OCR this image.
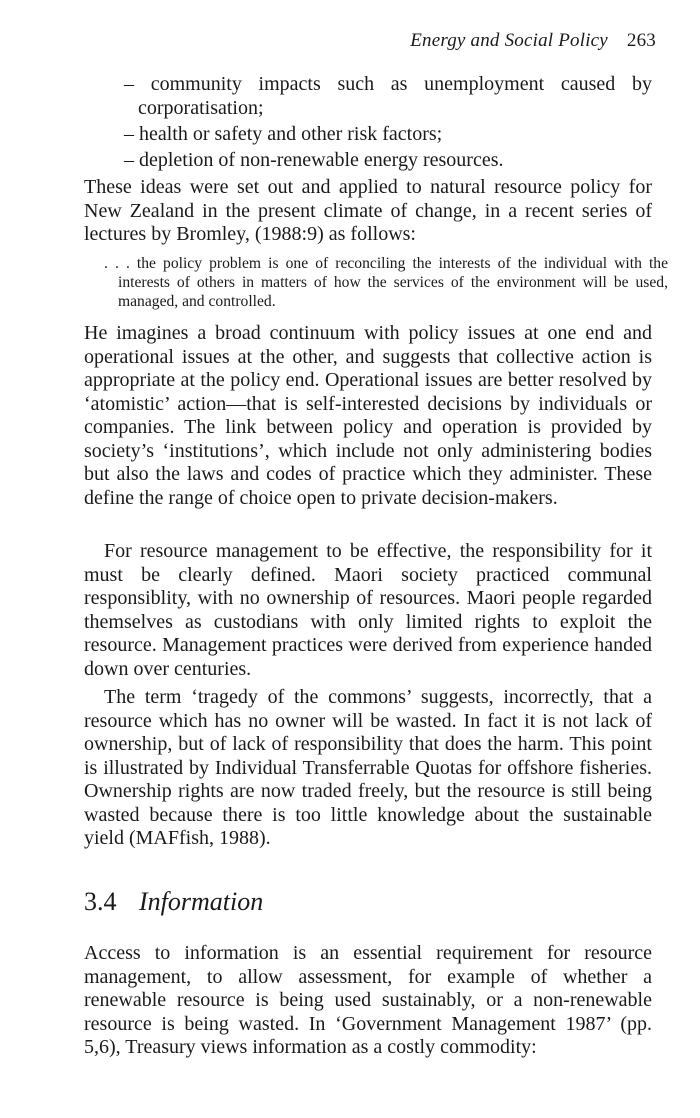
Energy and Social Policy 263

– community impacts such as unemployment caused by corporatisation;

– health or safety and other risk factors;

– depletion of non-renewable energy resources.

These ideas were set out and applied to natural resource policy for New Zealand in the present climate of change, in a recent series of lectures by Bromley, (1988:9) as follows:

. . . the policy problem is one of reconciling the interests of the individual with the interests of others in matters of how the services of the environment will be used, managed, and controlled.

He imagines a broad continuum with policy issues at one end and operational issues at the other, and suggests that collective action is appropriate at the policy end. Operational issues are better resolved by ‘atomistic’ action—that is self-interested decisions by individuals or companies. The link between policy and operation is provided by society’s ‘institutions’, which include not only administering bodies but also the laws and codes of practice which they administer. These define the range of choice open to private decision-makers.

For resource management to be effective, the responsibility for it must be clearly defined. Maori society practiced communal responsiblity, with no ownership of resources. Maori people regarded themselves as custodians with only limited rights to exploit the resource. Management practices were derived from experience handed down over centuries.

The term ‘tragedy of the commons’ suggests, incorrectly, that a resource which has no owner will be wasted. In fact it is not lack of ownership, but of lack of responsibility that does the harm. This point is illustrated by Individual Transferrable Quotas for offshore fisheries. Ownership rights are now traded freely, but the resource is still being wasted because there is too little knowledge about the sustainable yield (MAFfish, 1988).

3.4 Information

Access to information is an essential requirement for resource management, to allow assessment, for example of whether a renewable resource is being used sustainably, or a non-renewable resource is being wasted. In ‘Government Management 1987’ (pp. 5,6), Treasury views information as a costly commodity:
